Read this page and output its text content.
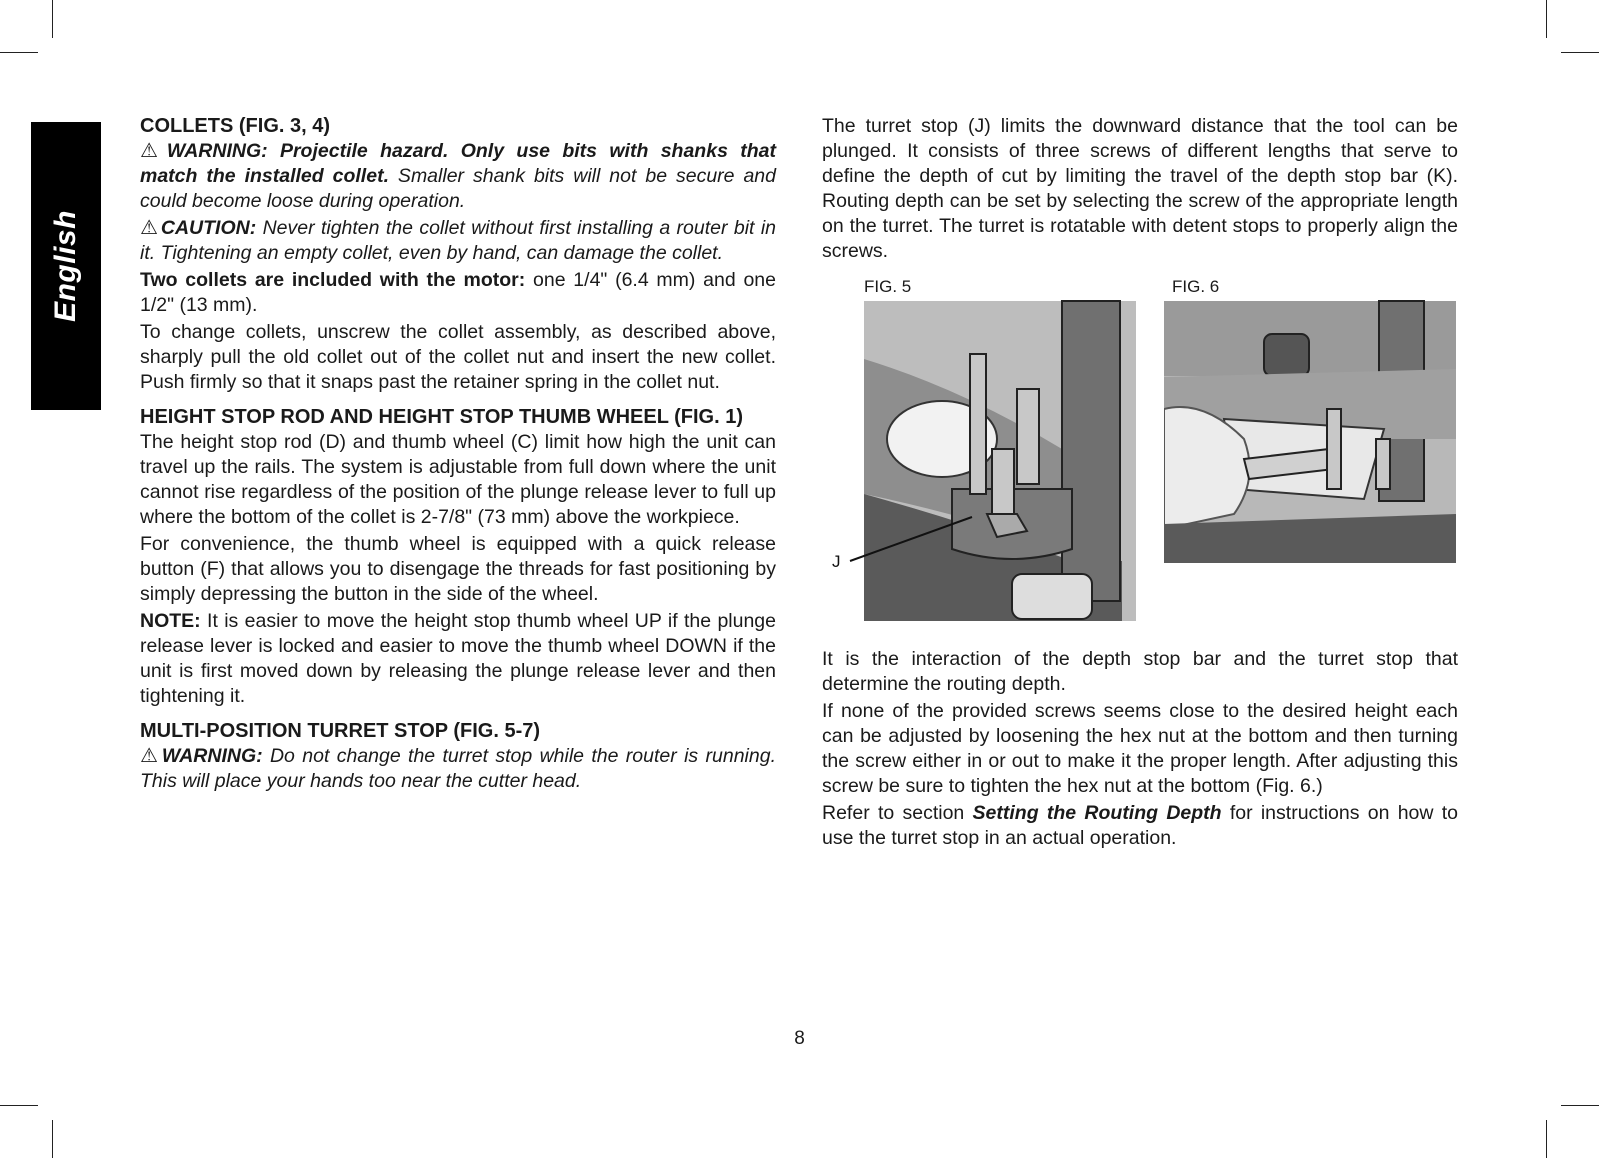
English
COLLETS (FIG. 3, 4)

⚠ WARNING: Projectile hazard. Only use bits with shanks that match the installed collet. Smaller shank bits will not be secure and could become loose during operation.

⚠ CAUTION: Never tighten the collet without first installing a router bit in it. Tightening an empty collet, even by hand, can damage the collet.

Two collets are included with the motor: one 1/4" (6.4 mm) and one 1/2" (13 mm).

To change collets, unscrew the collet assembly, as described above, sharply pull the old collet out of the collet nut and insert the new collet. Push firmly so that it snaps past the retainer spring in the collet nut.

HEIGHT STOP ROD AND HEIGHT STOP THUMB WHEEL (FIG. 1)

The height stop rod (D) and thumb wheel (C) limit how high the unit can travel up the rails. The system is adjustable from full down where the unit cannot rise regardless of the position of the plunge release lever to full up where the bottom of the collet is 2-7/8" (73 mm) above the workpiece.

For convenience, the thumb wheel is equipped with a quick release button (F) that allows you to disengage the threads for fast positioning by simply depressing the button in the side of the wheel.

NOTE: It is easier to move the height stop thumb wheel UP if the plunge release lever is locked and easier to move the thumb wheel DOWN if the unit is first moved down by releasing the plunge release lever and then tightening it.

MULTI-POSITION TURRET STOP (FIG. 5-7)

⚠ WARNING: Do not change the turret stop while the router is running. This will place your hands too near the cutter head.

The turret stop (J) limits the downward distance that the tool can be plunged. It consists of three screws of different lengths that serve to define the depth of cut by limiting the travel of the depth stop bar (K). Routing depth can be set by selecting the screw of the appropriate length on the turret. The turret is rotatable with detent stops to properly align the screws.

FIG. 5	FIG. 6
J

It is the interaction of the depth stop bar and the turret stop that determine the routing depth.

If none of the provided screws seems close to the desired height each can be adjusted by loosening the hex nut at the bottom and then turning the screw either in or out to make it the proper length. After adjusting this screw be sure to tighten the hex nut at the bottom (Fig. 6.)

Refer to section Setting the Routing Depth for instructions on how to use the turret stop in an actual operation.

8
